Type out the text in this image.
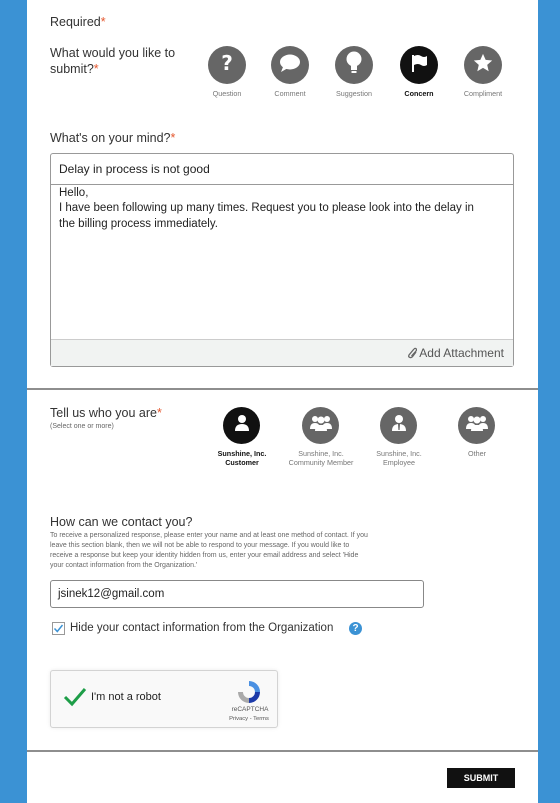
Required*
What would you like to
submit?*	?
Question	Comment	Suggestion	Concern	Compliment
What's on your mind?*
Delay in process is not good
Hello,
I have been following up many times. Request you to please look into the delay in
the billing process immediately.
Add Attachment
Tell us who you are*
(Select one or more)
Sunshine, Inc.
Customer
Sunshine, Inc.
Community Member
Sunshine, Inc.
Employee
Other
How can we contact you?
To receive a personalized response, please enter your name and at least one method of contact. If you
leave this section blank, then we will not be able to respond to your message. If you would like to
receive a response but keep your identity hidden from us, enter your email address and select 'Hide
your contact information from the Organization.'
jsinek12@gmail.com
Hide your contact information from the Organization	?
I'm not a robot
reCAPTCHA
Privacy - Terms
SUBMIT
